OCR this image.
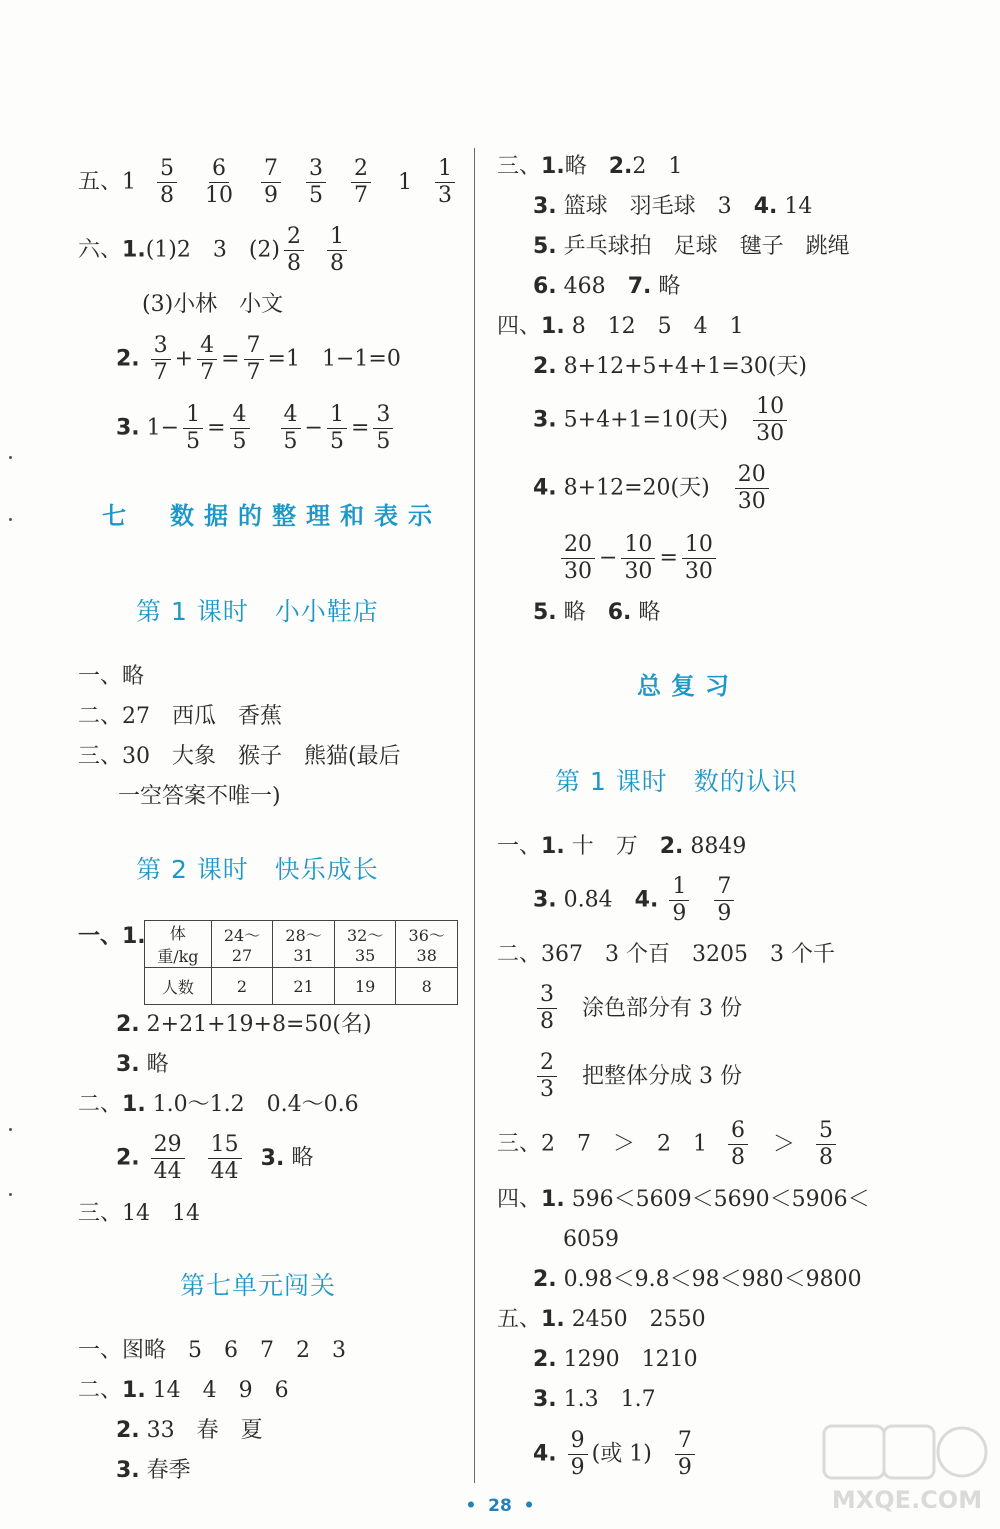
五、$1 \frac{5}{8}$
$\frac{6}{10}$
$\frac{7}{9}$
$\frac{3}{5}$
$\frac{2}{7} 1 \frac{1}{3}$
六、1.(1)2　3　$(2) \frac{2}{8}$
$\frac{1}{8}$
(3)小林　小文
2. $\frac{3}{7} + \frac{4}{7} = \frac{7}{7} =1$　1−1=0
3. $1- \frac{1}{5} = \frac{4}{5}$
$\frac{4}{5} - \frac{1}{5} = \frac{3}{5}$
七　数据的整理和表示
第 1 课时　小小鞋店
一、略
二、27　西瓜　香蕉
三、30　大象　猴子　熊猫(最后
一空答案不唯一)
第 2 课时　快乐成长
一、1. 体重/kg	24～27	28～31	32～35	36～38
人数	2	21	19	8
2. 2+21+19+8=50(名)
3. 略
二、1. 1.0～1.2　0.4～0.6
2. $\frac{29}{44}$
$\frac{15}{44} 3$. 略
三、14　14
第七单元闯关
一、图略　5　6　7　2　3
二、1. 14　4　9　6
2. 33　春　夏
3. 春季
三、1.略　 2.2　1
3. 篮球　羽毛球　3　 4. 14
5. 乒乓球拍　足球　毽子　跳绳
6. 468　 7. 略
四、1. 8　12　5　4　1
2. 8+12+5+4+1=30(天)
3. 5+4+1=10(天) $\frac{10}{30}$
4. 8+12=20(天) $\frac{20}{30}$
$\frac{20}{30} - \frac{10}{30} = \frac{10}{30}$
5. 略　 6. 略
总复习
第 1 课时　数的认识
一、1. 十　万　 2. 8849
3. 0.84　 4. $\frac{1}{9}$
$\frac{7}{9}$
二、367　3 个百　3205　3 个千
$\frac{3}{8}$ 涂色部分有 3 份
$\frac{2}{3}$ 把整体分成 3 份
三、2　7　＞　2　$1 \frac{6}{8} > \frac{5}{8}$
四、1. 596＜5609＜5690＜5906＜
6059
2. 0.98＜9.8＜98＜980＜9800
五、1. 2450　2550
2. 1290　1210
3. 1.3　1.7
4. $\frac{9}{9}$ (或 $1) \frac{7}{9}$
•  28  •	MXQE.COM
